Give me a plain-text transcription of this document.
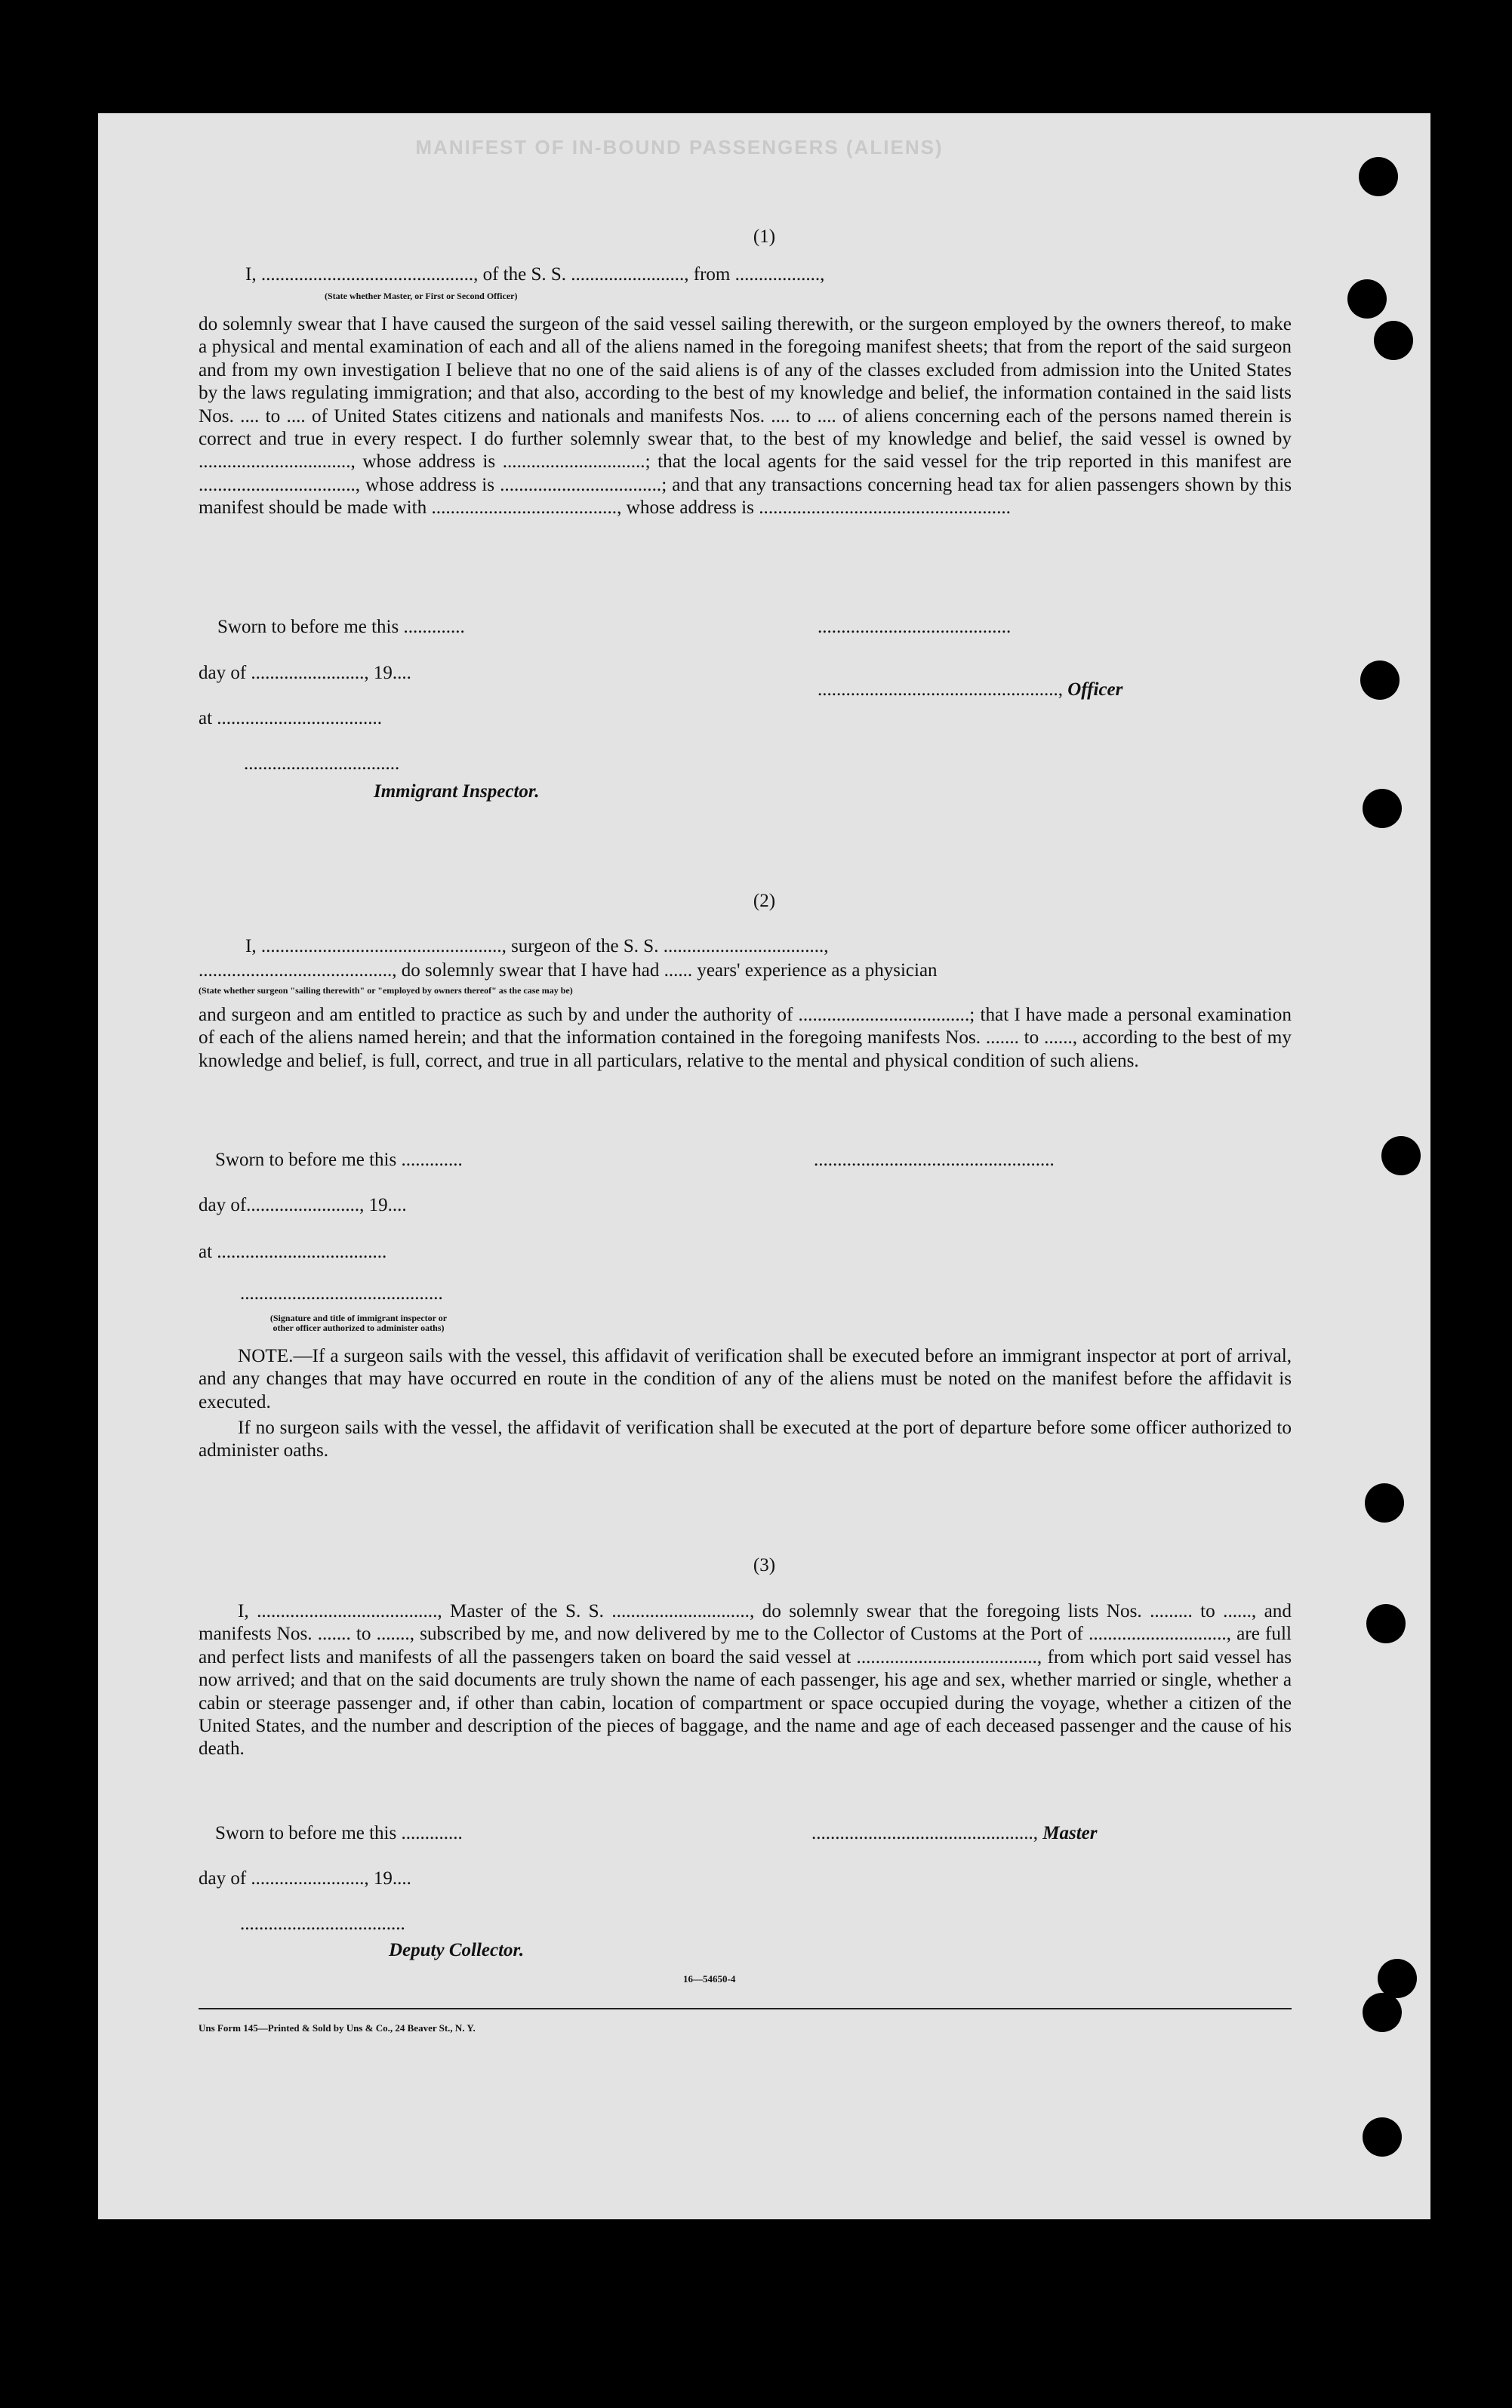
MANIFEST OF IN-BOUND PASSENGERS (ALIENS)
(1)
I, ............................................., of the S. S. ........................, from ..................,
(State whether Master, or First or Second Officer)

do solemnly swear that I have caused the surgeon of the said vessel sailing therewith, or the surgeon employed by the owners thereof, to make a physical and mental examination of each and all of the aliens named in the foregoing manifest sheets; that from the report of the said surgeon and from my own investigation I believe that no one of the said aliens is of any of the classes excluded from admission into the United States by the laws regulating immigration; and that also, according to the best of my knowledge and belief, the information contained in the said lists Nos. .... to .... of United States citizens and nationals and manifests Nos. .... to .... of aliens concerning each of the persons named therein is correct and true in every respect. I do further solemnly swear that, to the best of my knowledge and belief, the said vessel is owned by ................................, whose address is ..............................; that the local agents for the said vessel for the trip reported in this manifest are ................................., whose address is ..................................; and that any transactions concerning head tax for alien passengers shown by this manifest should be made with ......................................., whose address is .....................................................

Sworn to before me this .............	.........................................
day of ........................, 19....
..................................................., Officer
at ...................................
.................................
Immigrant Inspector.
(2)
I, ..................................................., surgeon of the S. S. ..................................,
........................................., do solemnly swear that I have had ...... years' experience as a physician
(State whether surgeon "sailing therewith" or "employed by owners thereof" as the case may be)

and surgeon and am entitled to practice as such by and under the authority of ....................................; that I have made a personal examination of each of the aliens named herein; and that the information contained in the foregoing manifests Nos. ....... to ......, according to the best of my knowledge and belief, is full, correct, and true in all particulars, relative to the mental and physical condition of such aliens.

Sworn to before me this .............	...................................................
day of........................, 19....
at ....................................
...........................................
(Signature and title of immigrant inspector or other officer authorized to administer oaths)

NOTE.—If a surgeon sails with the vessel, this affidavit of verification shall be executed before an immigrant inspector at port of arrival, and any changes that may have occurred en route in the condition of any of the aliens must be noted on the manifest before the affidavit is executed.

If no surgeon sails with the vessel, the affidavit of verification shall be executed at the port of departure before some officer authorized to administer oaths.

(3)

I, ......................................, Master of the S. S. ............................., do solemnly swear that the foregoing lists Nos. ......... to ......, and manifests Nos. ....... to ......., subscribed by me, and now delivered by me to the Collector of Customs at the Port of ............................., are full and perfect lists and manifests of all the passengers taken on board the said vessel at ......................................, from which port said vessel has now arrived; and that on the said documents are truly shown the name of each passenger, his age and sex, whether married or single, whether a cabin or steerage passenger and, if other than cabin, location of compartment or space occupied during the voyage, whether a citizen of the United States, and the number and description of the pieces of baggage, and the name and age of each deceased passenger and the cause of his death.

Sworn to before me this .............	..............................................., Master
day of ........................, 19....
...................................
Deputy Collector.
16—54650-4
Uns Form 145—Printed & Sold by Uns & Co., 24 Beaver St., N. Y.
